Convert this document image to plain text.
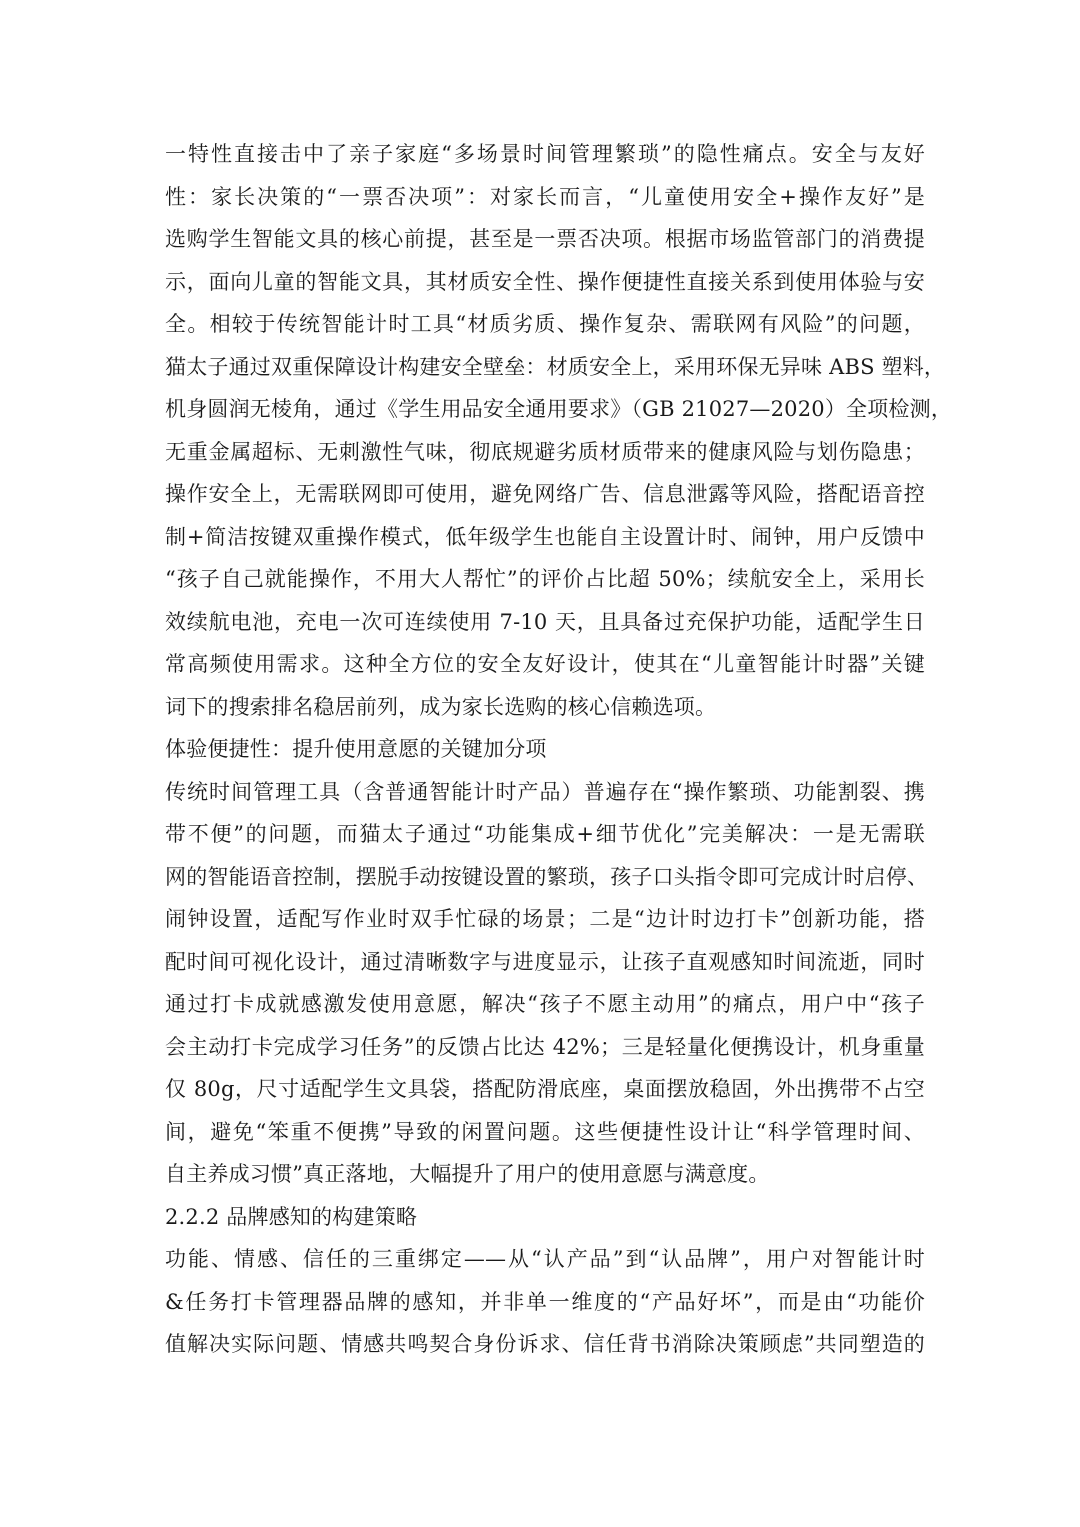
一特性直接击中了亲子家庭“多场景时间管理繁琐”的隐性痛点。安全与友好
性：家长决策的“一票否决项”：对家长而言，“儿童使用安全+操作友好”是
选购学生智能文具的核心前提，甚至是一票否决项。根据市场监管部门的消费提
示，面向儿童的智能文具，其材质安全性、操作便捷性直接关系到使用体验与安
全。相较于传统智能计时工具“材质劣质、操作复杂、需联网有风险”的问题，
猫太子通过双重保障设计构建安全壁垒：材质安全上，采用环保无异味 ABS 塑料，
机身圆润无棱角，通过《学生用品安全通用要求》（GB 21027—2020）全项检测，
无重金属超标、无刺激性气味，彻底规避劣质材质带来的健康风险与划伤隐患；
操作安全上，无需联网即可使用，避免网络广告、信息泄露等风险，搭配语音控
制+简洁按键双重操作模式，低年级学生也能自主设置计时、闹钟，用户反馈中
“孩子自己就能操作，不用大人帮忙”的评价占比超 50%；续航安全上，采用长
效续航电池，充电一次可连续使用 7-10 天，且具备过充保护功能，适配学生日
常高频使用需求。这种全方位的安全友好设计，使其在“儿童智能计时器”关键
词下的搜索排名稳居前列，成为家长选购的核心信赖选项。
体验便捷性：提升使用意愿的关键加分项
传统时间管理工具（含普通智能计时产品）普遍存在“操作繁琐、功能割裂、携
带不便”的问题，而猫太子通过“功能集成+细节优化”完美解决：一是无需联
网的智能语音控制，摆脱手动按键设置的繁琐，孩子口头指令即可完成计时启停、
闹钟设置，适配写作业时双手忙碌的场景；二是“边计时边打卡”创新功能，搭
配时间可视化设计，通过清晰数字与进度显示，让孩子直观感知时间流逝，同时
通过打卡成就感激发使用意愿，解决“孩子不愿主动用”的痛点，用户中“孩子
会主动打卡完成学习任务”的反馈占比达 42%；三是轻量化便携设计，机身重量
仅 80g，尺寸适配学生文具袋，搭配防滑底座，桌面摆放稳固，外出携带不占空
间，避免“笨重不便携”导致的闲置问题。这些便捷性设计让“科学管理时间、
自主养成习惯”真正落地，大幅提升了用户的使用意愿与满意度。
2.2.2 品牌感知的构建策略
功能、情感、信任的三重绑定——从“认产品”到“认品牌”，用户对智能计时
&任务打卡管理器品牌的感知，并非单一维度的“产品好坏”，而是由“功能价
值解决实际问题、情感共鸣契合身份诉求、信任背书消除决策顾虑”共同塑造的
